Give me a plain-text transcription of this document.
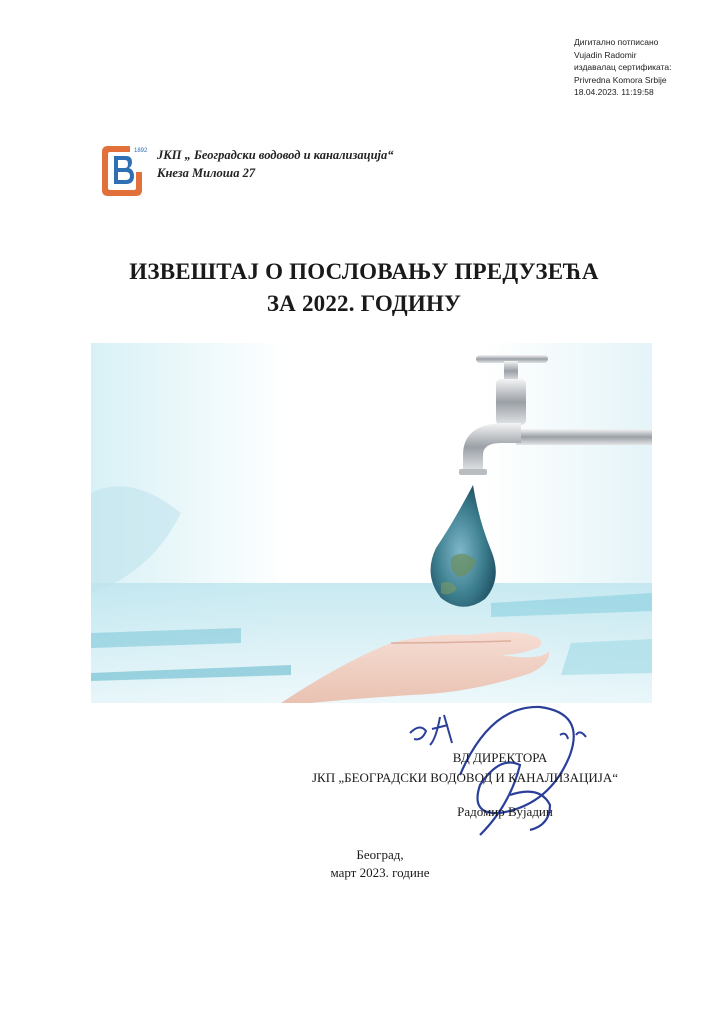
Дигитално потписано
Vujadin Radomir
издавалац сертификата:
Privredna Komora Srbije
18.04.2023. 11:19:58
1892 ЈКП „ Београдски водовод и канализација“
Кнеза Милоша 27
ИЗВЕШТАЈ О ПОСЛОВАЊУ ПРЕДУЗЕЋА
ЗА 2022. ГОДИНУ
ВД ДИРЕКТОРА
ЈКП „БЕОГРАДСКИ ВОДОВОД И КАНАЛИЗАЦИЈА“
Радомир Вујадин
Београд,
март 2023. године
